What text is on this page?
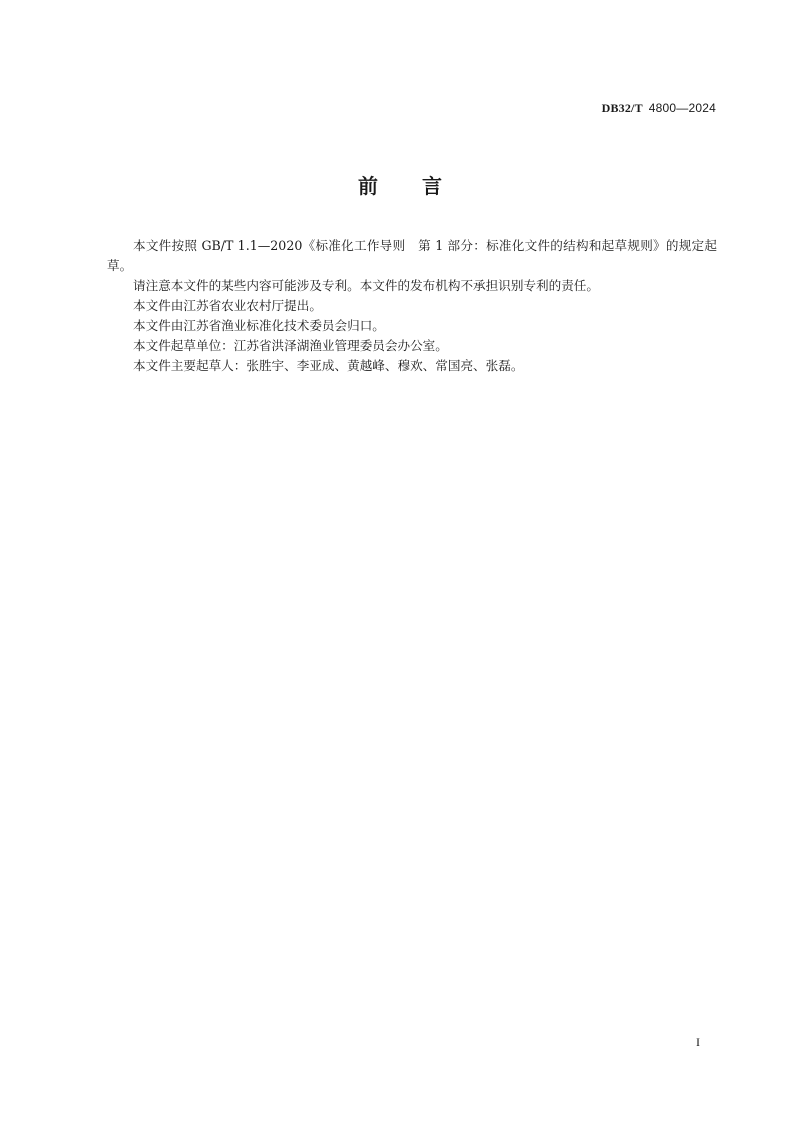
DB32/T 4800—2024
前言

本文件按照 GB/T 1.1—2020《标准化工作导则　第 1 部分：标准化文件的结构和起草规则》的规定起草。

请注意本文件的某些内容可能涉及专利。本文件的发布机构不承担识别专利的责任。

本文件由江苏省农业农村厅提出。

本文件由江苏省渔业标准化技术委员会归口。

本文件起草单位：江苏省洪泽湖渔业管理委员会办公室。

本文件主要起草人：张胜宇、李亚成、黄越峰、穆欢、常国亮、张磊。

I
